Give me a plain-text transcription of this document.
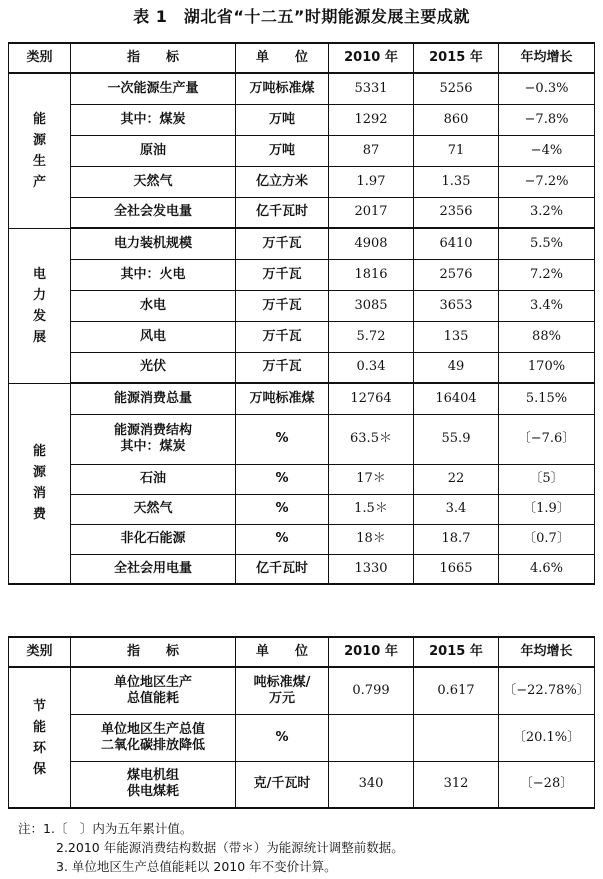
表 1　湖北省“十二五”时期能源发展主要成就
类别	指　　标	单　　位	2010 年	2015 年	年均增长

能
源
生
产	一次能源生产量	万吨标准煤	5331	5256	−0.3%
	其中：煤炭	万吨	1292	860	−7.8%
	原油	万吨	87	71	−4%
	天然气	亿立方米	1.97	1.35	−7.2%
	全社会发电量	亿千瓦时	2017	2356	3.2%

电
力
发
展	电力装机规模	万千瓦	4908	6410	5.5%
	其中：火电	万千瓦	1816	2576	7.2%
	水电	万千瓦	3085	3653	3.4%
	风电	万千瓦	5.72	135	88%
	光伏	万千瓦	0.34	49	170%

能
源
消
费	能源消费总量	万吨标准煤	12764	16404	5.15%

	能源消费结构
其中：煤炭	%	63.5＊	55.9	〔−7.6〕
	石油	%	17＊	22	〔5〕
	天然气	%	1.5＊	3.4	〔1.9〕
	非化石能源	%	18＊	18.7	〔0.7〕
	全社会用电量	亿千瓦时	1330	1665	4.6%
类别	指　　标	单　　位	2010 年	2015 年	年均增长

节
能
环
保	单位地区生产
总值能耗	吨标准煤/
万元	0.799	0.617	〔−22.78%〕

	单位地区生产总值
二氧化碳排放降低	%			〔20.1%〕

	煤电机组
供电煤耗	克/千瓦时	340	312	〔−28〕
注：1.〔　〕内为五年累计值。
2.2010 年能源消费结构数据（带＊）为能源统计调整前数据。
3. 单位地区生产总值能耗以 2010 年不变价计算。
